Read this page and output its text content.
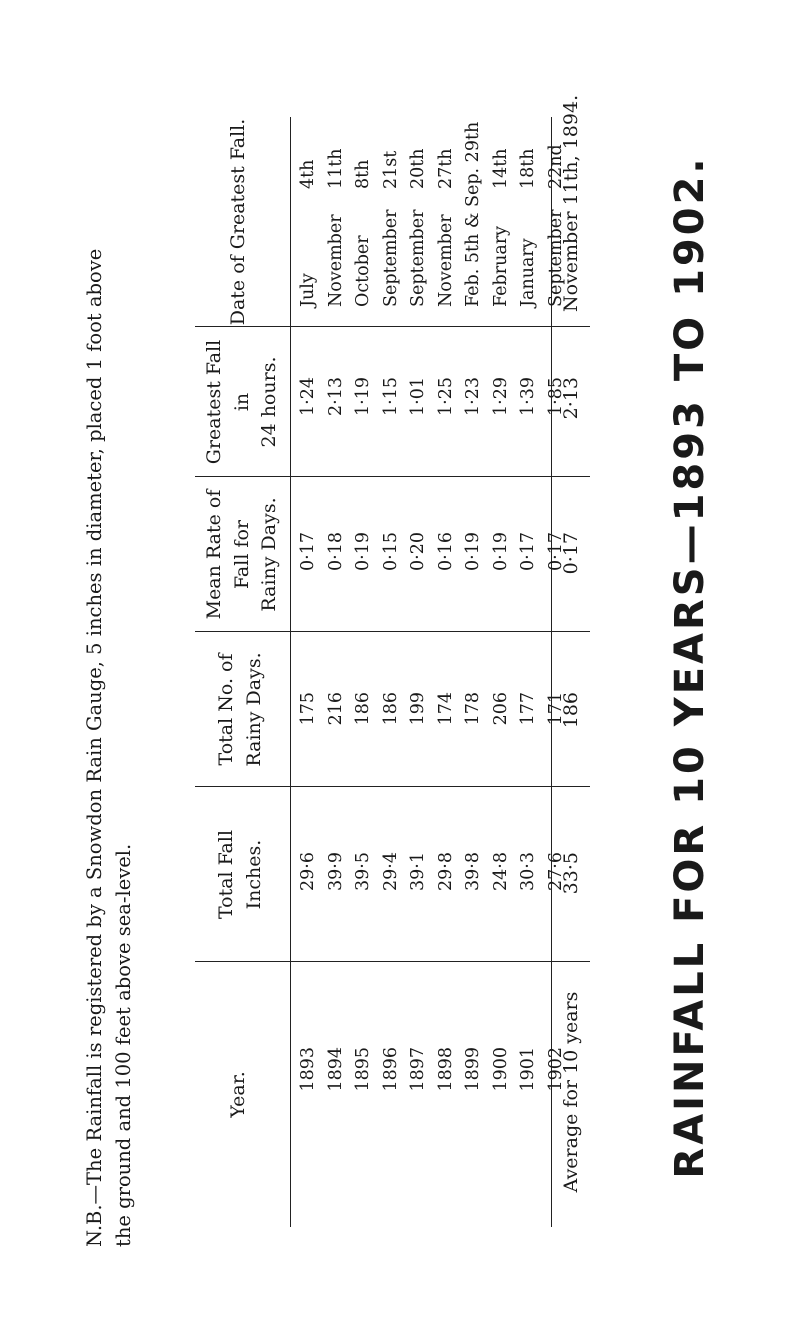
RAINFALL FOR 10 YEARS—1893 TO 1902.
Year.
Total Fall Inches.
Total No. of Rainy Days.
Mean Rate of Fall for Rainy Days.
Greatest Fall in 24 hours.
Date of Greatest Fall.
1893 1894 1895 1896 1897 1898 1899 1900 1901 1902
29·6 39·9 39·5 29·4 39·1 29·8 39·8 24·8 30·3 27·6
175 216 186 186 199 174 178 206 177 171
0·17 0·18 0·19 0·15 0·20 0·16 0·19 0·19 0·17 0·17
1·24 2·13 1·19 1·15 1·01 1·25 1·23 1·29 1·39 1·85
July November October September September November Feb. 5th & Sep. 29th February January September
4th 11th 8th 21st 20th 27th 14th 18th 22nd
Average for 10 years
33·5
186
0·17
2·13
November 11th, 1894.
N.B.—The Rainfall is registered by a Snowdon Rain Gauge, 5 inches in diameter, placed 1 foot above the ground and 100 feet above sea-level.
